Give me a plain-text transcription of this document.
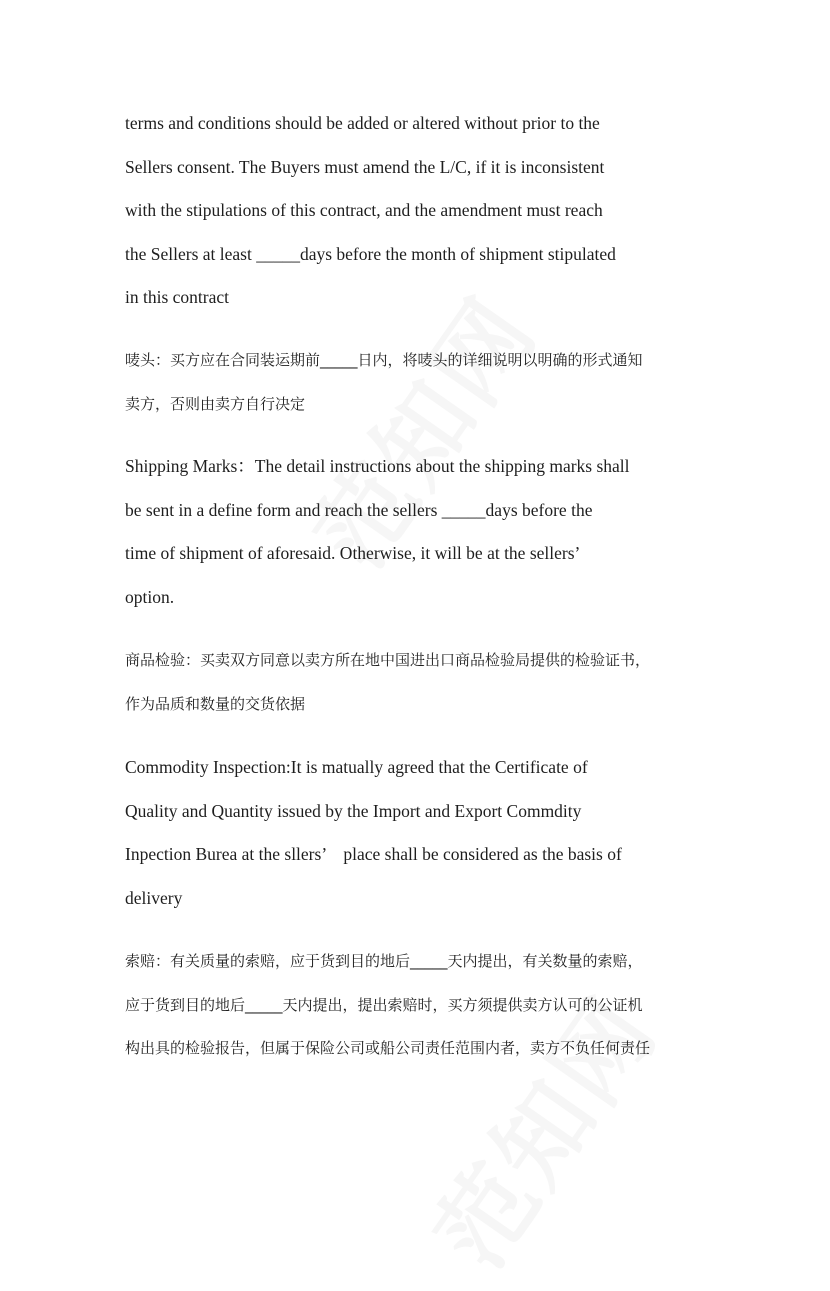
terms and conditions should be added or altered without prior to the
Sellers consent. The Buyers must amend the L/C, if it is inconsistent
with the stipulations of this contract, and the amendment must reach
the Sellers at least _____days before the month of shipment stipulated
in this contract

唛头：买方应在合同装运期前_____日内，将唛头的详细说明以明确的形式通知
卖方，否则由卖方自行决定

Shipping Marks：The detail instructions about the shipping marks shall
be sent in a define form and reach the sellers _____days before the
time of shipment of aforesaid. Otherwise, it will be at the sellers’
option.

商品检验：买卖双方同意以卖方所在地中国进出口商品检验局提供的检验证书，
作为品质和数量的交货依据

Commodity Inspection:It is matually agreed that the Certificate of
Quality and Quantity issued by the Import and Export Commdity
Inpection Burea at the sllers’　place shall be considered as the basis of
delivery

索赔：有关质量的索赔，应于货到目的地后_____天内提出，有关数量的索赔，
应于货到目的地后_____天内提出，提出索赔时，买方须提供卖方认可的公证机
构出具的检验报告，但属于保险公司或船公司责任范围内者，卖方不负任何责任
